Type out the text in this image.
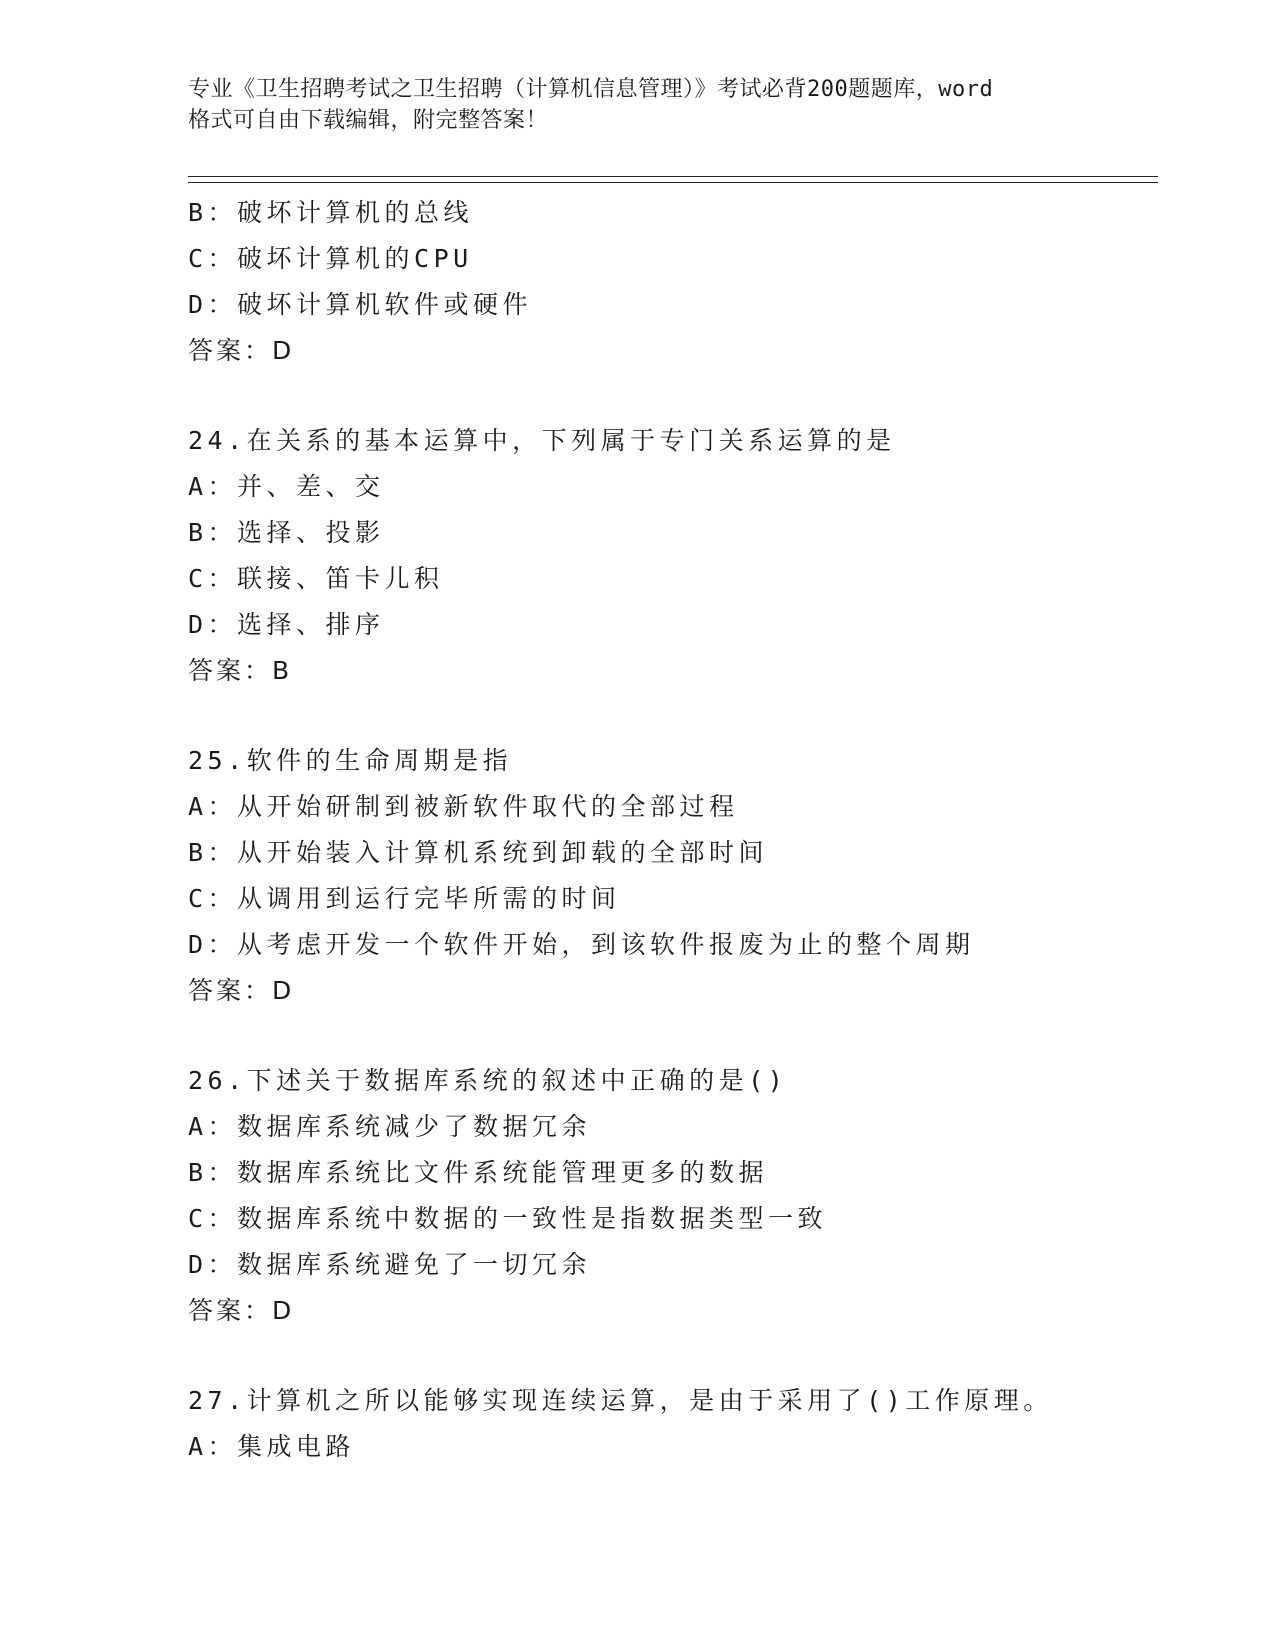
专业《卫生招聘考试之卫生招聘（计算机信息管理）》考试必背200题题库，word
格式可自由下载编辑，附完整答案！
B：破坏计算机的总线
C：破坏计算机的CPU
D：破坏计算机软件或硬件
答案：D
24.在关系的基本运算中，下列属于专门关系运算的是
A：并、差、交
B：选择、投影
C：联接、笛卡儿积
D：选择、排序
答案：B
25.软件的生命周期是指
A：从开始研制到被新软件取代的全部过程
B：从开始装入计算机系统到卸载的全部时间
C：从调用到运行完毕所需的时间
D：从考虑开发一个软件开始，到该软件报废为止的整个周期
答案：D
26.下述关于数据库系统的叙述中正确的是()
A：数据库系统减少了数据冗余
B：数据库系统比文件系统能管理更多的数据
C：数据库系统中数据的一致性是指数据类型一致
D：数据库系统避免了一切冗余
答案：D
27.计算机之所以能够实现连续运算，是由于采用了()工作原理。
A：集成电路
